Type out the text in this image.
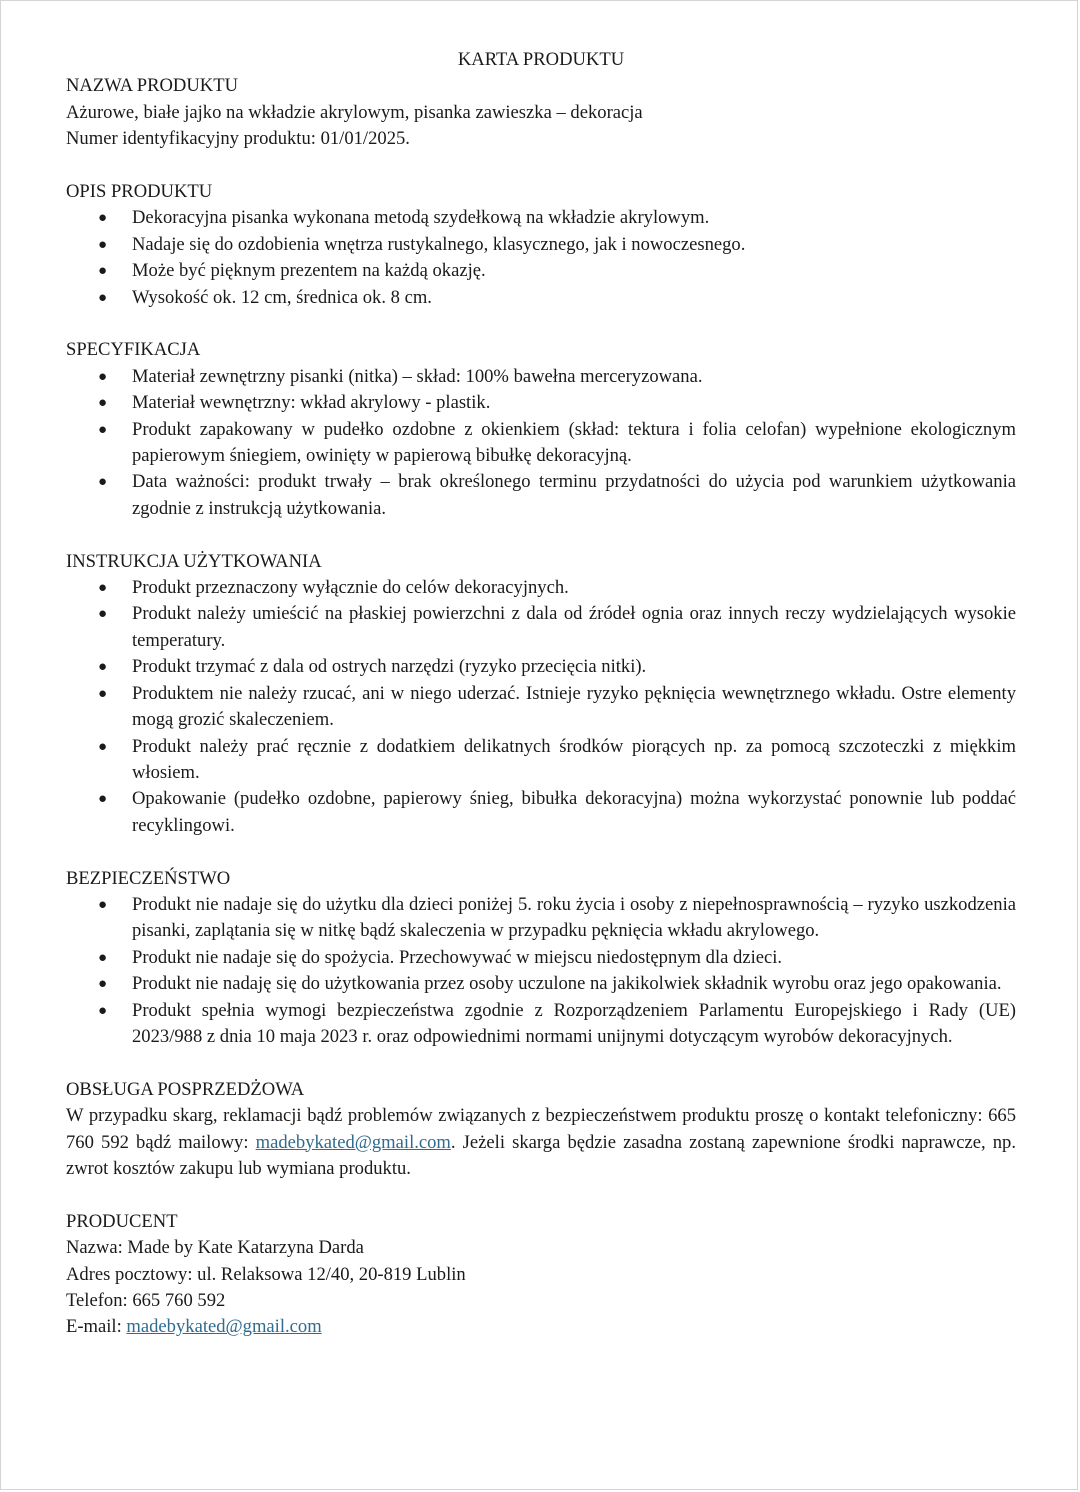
KARTA PRODUKTU

NAZWA PRODUKTU

Ażurowe, białe jajko na wkładzie akrylowym, pisanka zawieszka – dekoracja

Numer identyfikacyjny produktu: 01/01/2025.

OPIS PRODUKTU

● Dekoracyjna pisanka wykonana metodą szydełkową na wkładzie akrylowym.
● Nadaje się do ozdobienia wnętrza rustykalnego, klasycznego, jak i nowoczesnego.
● Może być pięknym prezentem na każdą okazję.
● Wysokość ok. 12 cm, średnica ok. 8 cm.

SPECYFIKACJA

● Materiał zewnętrzny pisanki (nitka) – skład: 100% bawełna merceryzowana.
● Materiał wewnętrzny: wkład akrylowy - plastik.
● Produkt zapakowany w pudełko ozdobne z okienkiem (skład: tektura i folia celofan) wypełnione ekologicznym papierowym śniegiem, owinięty w papierową bibułkę dekoracyjną.
● Data ważności: produkt trwały – brak określonego terminu przydatności do użycia pod warunkiem użytkowania zgodnie z instrukcją użytkowania.

INSTRUKCJA UŻYTKOWANIA

● Produkt przeznaczony wyłącznie do celów dekoracyjnych.
● Produkt należy umieścić na płaskiej powierzchni z dala od źródeł ognia oraz innych reczy wydzielających wysokie temperatury.
● Produkt trzymać z dala od ostrych narzędzi (ryzyko przecięcia nitki).
● Produktem nie należy rzucać, ani w niego uderzać. Istnieje ryzyko pęknięcia wewnętrznego wkładu. Ostre elementy mogą grozić skaleczeniem.
● Produkt należy prać ręcznie z dodatkiem delikatnych środków piorących np. za pomocą szczoteczki z miękkim włosiem.
● Opakowanie (pudełko ozdobne, papierowy śnieg, bibułka dekoracyjna) można wykorzystać ponownie lub poddać recyklingowi.

BEZPIECZEŃSTWO

● Produkt nie nadaje się do użytku dla dzieci poniżej 5. roku życia i osoby z niepełnosprawnością – ryzyko uszkodzenia pisanki, zaplątania się w nitkę bądź skaleczenia w przypadku pęknięcia wkładu akrylowego.
● Produkt nie nadaje się do spożycia. Przechowywać w miejscu niedostępnym dla dzieci.
● Produkt nie nadaję się do użytkowania przez osoby uczulone na jakikolwiek składnik wyrobu oraz jego opakowania.
● Produkt spełnia wymogi bezpieczeństwa zgodnie z Rozporządzeniem Parlamentu Europejskiego i Rady (UE) 2023/988 z dnia 10 maja 2023 r. oraz odpowiednimi normami unijnymi dotyczącym wyrobów dekoracyjnych.

OBSŁUGA POSPRZEDŻOWA

W przypadku skarg, reklamacji bądź problemów związanych z bezpieczeństwem produktu proszę o kontakt telefoniczny: 665 760 592 bądź mailowy: madebykated@gmail.com. Jeżeli skarga będzie zasadna zostaną zapewnione środki naprawcze, np. zwrot kosztów zakupu lub wymiana produktu.

PRODUCENT

Nazwa: Made by Kate Katarzyna Darda

Adres pocztowy: ul. Relaksowa 12/40, 20-819 Lublin

Telefon: 665 760 592

E-mail: madebykated@gmail.com
